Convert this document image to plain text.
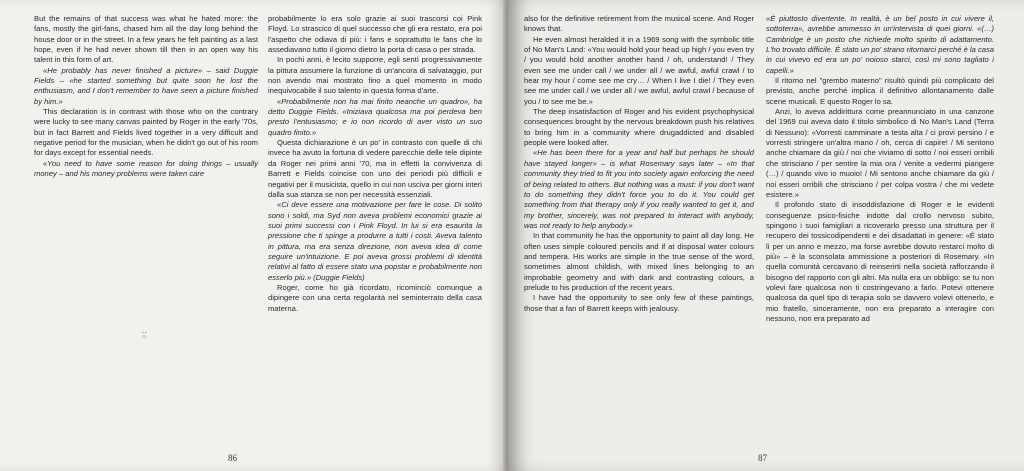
But the remains of that success was what he hated more: the fans, mostly the girl-fans, chased him all the day long behind the house door or in the street. In a few years he felt painting as a last hope, even if he had never shown till then in an open way his talent in this form of art.

«He probably has never finished a picture» – said Duggie Fields – «he started something but quite soon he lost the enthusiasm, and I don't remember to have seen a picture finished by him.»

This declaration is in contrast with those who on the contrary were lucky to see many canvas painted by Roger in the early '70s, but in fact Barrett and Fields lived together in a very difficult and negative period for the musician, when he didn't go out of his room for days except for essential needs.

«You need to have some reason for doing things – usually money – and his money problems were taken care

probabilmente lo era solo grazie ai suoi trascorsi coi Pink Floyd. Lo strascico di quel successo che gli era restato, era poi l'aspetto che odiava di più: i fans e soprattutto le fans che lo assediavano tutto il giorno dietro la porta di casa o per strada.

In pochi anni, è lecito supporre, egli sentì progressivamente la pittura assumere la funzione di un'ancora di salvataggio, pur non avendo mai mostrato fino a quel momento in modo inequivocabile il suo talento in questa forma d'arte.

«Probabilmente non ha mai finito neanche un quadro», ha detto Duggie Fields. «Iniziava qualcosa ma poi perdeva ben presto l'entusiasmo; e io non ricordo di aver visto un suo quadro finito.»

Questa dichiarazione è un po' in contrasto con quelle di chi invece ha avuto la fortuna di vedere parecchie delle tele dipinte da Roger nei primi anni '70, ma in effetti la convivenza di Barrett e Fields coincise con uno dei periodi più difficili e negativi per il musicista, quello in cui non usciva per giorni interi dalla sua stanza se non per necessità essenziali.

«Ci deve essere una motivazione per fare le cose. Di solito sono i soldi, ma Syd non aveva problemi economici grazie ai suoi primi successi con i Pink Floyd. In lui si era esaurita la pressione che ti spinge a produrre a tutti i costi. Aveva talento in pittura, ma era senza direzione, non aveva idea di come seguire un'intuizione. E poi aveva grossi problemi di identità relativi al fatto di essere stato una popstar e probabilmente non esserlo più.» (Duggie Fields)

Roger, come ho già ricordato, ricominciò comunque a dipingere con una certa regolarità nel seminterrato della casa materna.

⍤
86

also for the definitive retirement from the musical scene. And Roger knows that.

He even almost heralded it in a 1969 song with the symbolic title of No Man's Land: «You would hold your head up high / you even try / you would hold another another hand / oh, understand! / They even see me under call / we under all / we awful, awful crawl / to hear my hour / come see me cry… / When I live I die! / They even see me under call / we under all / we awful, awful crawl / because of you / to see me be.»

The deep insatisfaction of Roger and his evident psychophysical consequences brought by the nervous breakdown push his relatives to bring him in a community where drugaddicted and disabled people were looked after.

«He has been there for a year and half but perhaps he should have stayed longer» – is what Rosemary says later – «In that community they tried to fit you into society again enforcing the need of being related to others. But nothing was a must: if you don't want to do something they didn't force you to do it. You could get something from that therapy only if you really wanted to get it, and my brother, sincerely, was not prepared to interact with anybody, was not ready to help anybody.»

In that community he has the opportunity to paint all day long. He often uses simple coloured pencils and if at disposal water colours and tempera. His works are simple in the true sense of the word, sometimes almost childish, with mixed lines belonging to an improbable geometry and with dark and contrasting colours, a prelude to his production of the recent years.

I have had the opportunity to see only few of these paintings, those that a fan of Barrett keeps with jealousy.

«È piuttosto divertente. In realtà, è un bel posto in cui vivere il, sottoterra», avrebbe ammesso in un'intervista di quei giorni. «(…) Cambridge è un posto che richiede molto spirito di adattamento. L'ho trovato difficile. È stato un po' strano ritornarci perché è la casa in cui vivevo ed era un po' noioso starci, così mi sono tagliato i capelli.»

Il ritorno nel "grembo materno" risultò quindi più complicato del previsto, anche perché implica il definitivo allontanamento dalle scene musicali. E questo Roger lo sa.

Anzi, lo aveva addirittura come preannunciato in una canzone del 1969 cui aveva dato il titolo simbolico di No Man's Land (Terra di Nessuno): «Vorresti camminare a testa alta / ci provi persino / e vorresti stringere un'altra mano / oh, cerca di capire! / Mi sentono anche chiamare da giù / noi che viviamo di sotto / noi esseri orribili che strisciano / per sentire la mia ora / venite a vedermi piangere (…) / quando vivo io muoio! / Mi sentono anche chiamare da giù / noi esseri orribili che strisciano / per colpa vostra / che mi vedete esistere.»

Il profondo stato di insoddisfazione di Roger e le evidenti conseguenze psico-fisiche indotte dal crollo nervoso subito, spingono i suoi famigliari a ricoverarlo presso una struttura per il recupero dei tossicodipendenti e dei disadattati in genere: «È stato lì per un anno e mezzo, ma forse avrebbe dovuto restarci molto di più» – è la sconsolata ammissione a posteriori di Rosemary. «In quella comunità cercavano di reinserirti nella società rafforzando il bisogno del rapporto con gli altri. Ma nulla era un obbligo: se tu non volevi fare qualcosa non ti costringevano a farlo. Potevi ottenere qualcosa da quel tipo di terapia solo se davvero volevi ottenerlo, e mio fratello, sinceramente, non era preparato a interagire con nessuno, non era preparato ad

87
